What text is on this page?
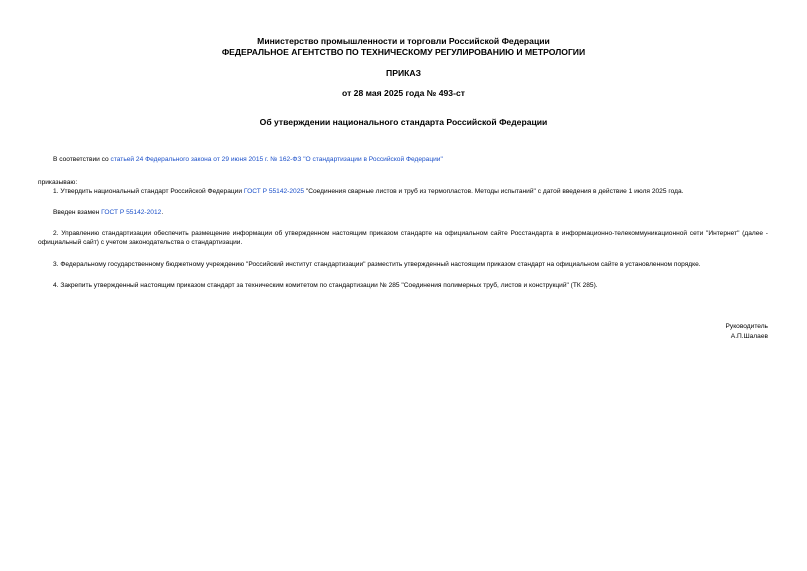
Министерство промышленности и торговли Российской Федерации
ФЕДЕРАЛЬНОЕ АГЕНТСТВО ПО ТЕХНИЧЕСКОМУ РЕГУЛИРОВАНИЮ И МЕТРОЛОГИИ
ПРИКАЗ
от 28 мая 2025 года № 493-ст
Об утверждении национального стандарта Российской Федерации
В соответствии со статьей 24 Федерального закона от 29 июня 2015 г. № 162-ФЗ "О стандартизации в Российской Федерации"
приказываю:
1. Утвердить национальный стандарт Российской Федерации ГОСТ Р 55142-2025 "Соединения сварные листов и труб из термопластов. Методы испытаний" с датой введения в действие 1 июля 2025 года.
Введен взамен ГОСТ Р 55142-2012.
2. Управлению стандартизации обеспечить размещение информации об утвержденном настоящим приказом стандарте на официальном сайте Росстандарта в информационно-телекоммуникационной сети "Интернет" (далее - официальный сайт) с учетом законодательства о стандартизации.
3. Федеральному государственному бюджетному учреждению "Российский институт стандартизации" разместить утвержденный настоящим приказом стандарт на официальном сайте в установленном порядке.
4. Закрепить утвержденный настоящим приказом стандарт за техническим комитетом по стандартизации № 285 "Соединения полимерных труб, листов и конструкций" (ТК 285).
Руководитель
А.П.Шалаев
